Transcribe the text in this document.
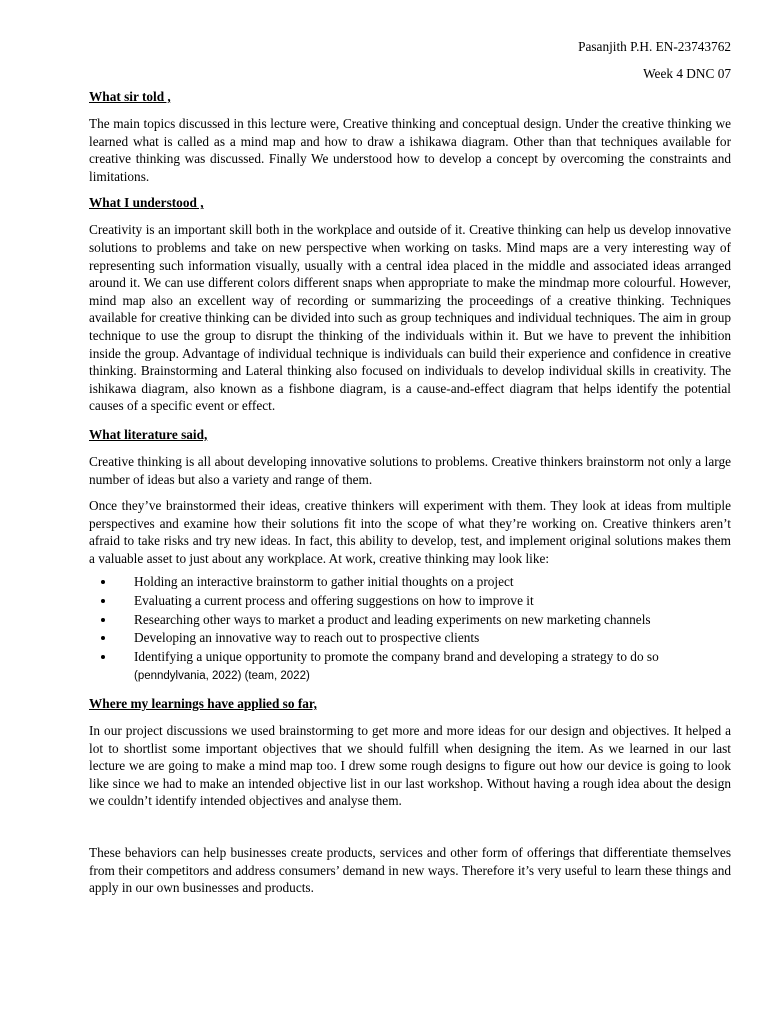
Pasanjith P.H. EN-23743762
Week 4 DNC 07
What sir told ,

The main topics discussed in this lecture were, Creative thinking and conceptual design. Under the creative thinking we learned what is called as a mind map and how to draw a ishikawa diagram. Other than that techniques available for creative thinking was discussed. Finally We understood how to develop a concept by overcoming the constraints and limitations.

What I understood ,

Creativity is an important skill both in the workplace and outside of it. Creative thinking can help us develop innovative solutions to problems and take on new perspective when working on tasks. Mind maps are a very interesting way of representing such information visually, usually with a central idea placed in the middle and associated ideas arranged around it. We can use different colors different snaps when appropriate to make the mindmap more colourful. However, mind map also an excellent way of recording or summarizing the proceedings of a creative thinking. Techniques available for creative thinking can be divided into such as group techniques and individual techniques. The aim in group technique to use the group to disrupt the thinking of the individuals within it. But we have to prevent the inhibition inside the group. Advantage of individual technique is individuals can build their experience and confidence in creative thinking. Brainstorming and Lateral thinking also focused on individuals to develop individual skills in creativity. The ishikawa diagram, also known as a fishbone diagram, is a cause-and-effect diagram that helps identify the potential causes of a specific event or effect.

What literature said,

Creative thinking is all about developing innovative solutions to problems. Creative thinkers brainstorm not only a large number of ideas but also a variety and range of them.

Once they’ve brainstormed their ideas, creative thinkers will experiment with them. They look at ideas from multiple perspectives and examine how their solutions fit into the scope of what they’re working on. Creative thinkers aren’t afraid to take risks and try new ideas. In fact, this ability to develop, test, and implement original solutions makes them a valuable asset to just about any workplace. At work, creative thinking may look like:

• Holding an interactive brainstorm to gather initial thoughts on a project
• Evaluating a current process and offering suggestions on how to improve it
• Researching other ways to market a product and leading experiments on new marketing channels
• Developing an innovative way to reach out to prospective clients
• Identifying a unique opportunity to promote the company brand and developing a strategy to do so
(penndylvania, 2022) (team, 2022)
Where my learnings have applied so far,

In our project discussions we used brainstorming to get more and more ideas for our design and objectives. It helped a lot to shortlist some important objectives that we should fulfill when designing the item. As we learned in our last lecture we are going to make a mind map too. I drew some rough designs to figure out how our device is going to look like since we had to make an intended objective list in our last workshop. Without having a rough idea about the design we couldn’t identify intended objectives and analyse them.

These behaviors can help businesses create products, services and other form of offerings that differentiate themselves from their competitors and address consumers’ demand in new ways. Therefore it’s very useful to learn these things and apply in our own businesses and products.
